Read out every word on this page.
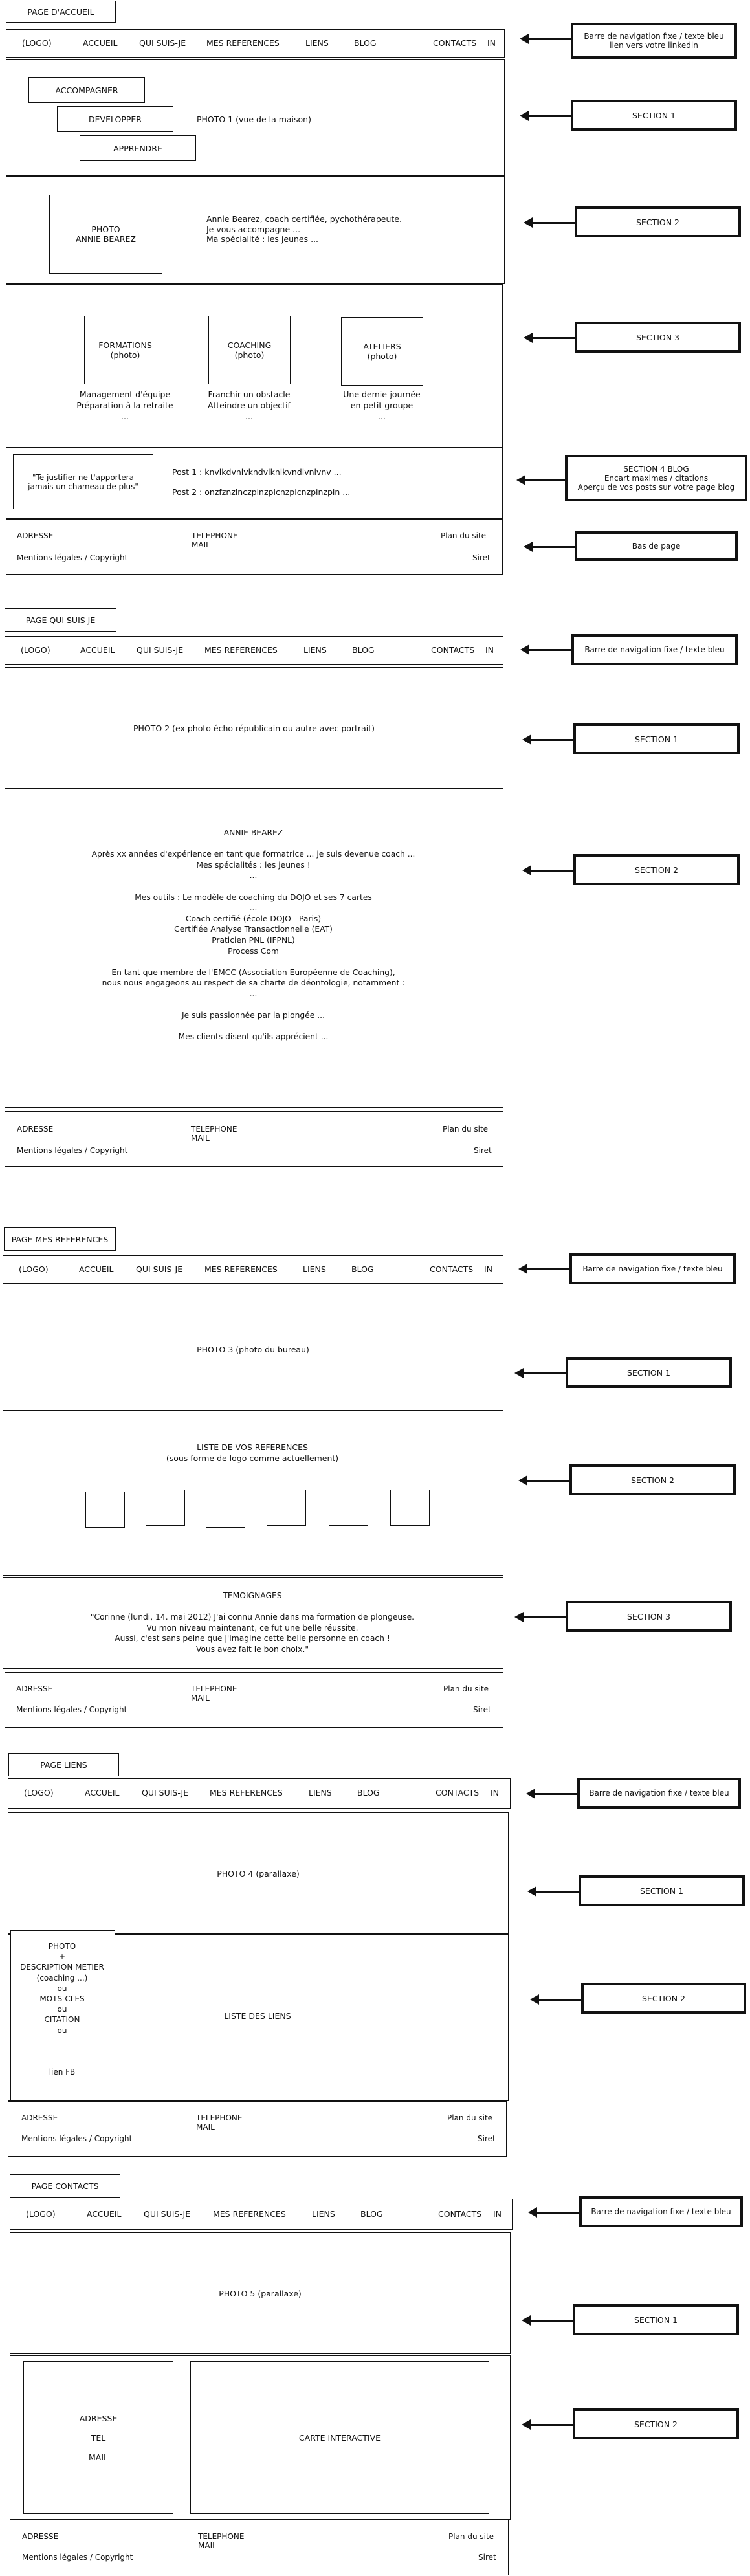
PAGE D'ACCUEIL
(LOGO)	ACCUEIL	QUI SUIS-JE	MES REFERENCES	LIENS	BLOG	CONTACTS IN
Barre de navigation fixe / texte bleu
lien vers votre linkedin
ACCOMPAGNER
DEVELOPPER
APPRENDRE
PHOTO 1 (vue de la maison)	SECTION 1
PHOTO
ANNIE BEAREZ
Annie Bearez, coach certifiée, pychothérapeute.
Je vous accompagne ...
Ma spécialité : les jeunes ...
SECTION 2
FORMATIONS
(photo)
Management d'équipe
Préparation à la retraite
...
COACHING
(photo)
Franchir un obstacle
Atteindre un objectif
...
ATELIERS
(photo)
Une demie-journée
en petit groupe
...
SECTION 3
"Te justifier ne t'apportera
jamais un chameau de plus"
Post 1 : knvlkdvnlvkndvlknlkvndlvnlvnv ...
Post 2 : onzfznzlnczpinzpicnzpicnzpinzpin ...
SECTION 4 BLOG
Encart maximes / citations
Aperçu de vos posts sur votre page blog
ADRESSE
Mentions légales / Copyright
TELEPHONE
MAIL
Plan du site
Siret
Bas de page
PAGE QUI SUIS JE
(LOGO)	ACCUEIL	QUI SUIS-JE	MES REFERENCES	LIENS	BLOG	CONTACTS IN	Barre de navigation fixe / texte bleu
PHOTO 2 (ex photo écho républicain ou autre avec portrait)
SECTION 1
ANNIE BEAREZ

Après xx années d'expérience en tant que formatrice ... je suis devenue coach ...
Mes spécialités : les jeunes !
...

Mes outils : Le modèle de coaching du DOJO et ses 7 cartes
...
Coach certifié (école DOJO - Paris)
Certifiée Analyse Transactionnelle (EAT)
Praticien PNL (IFPNL)
Process Com

En tant que membre de l'EMCC (Association Européenne de Coaching),
nous nous engageons au respect de sa charte de déontologie, notamment :
...

Je suis passionnée par la plongée ...

Mes clients disent qu'ils apprécient ...
SECTION 2
ADRESSE
Mentions légales / Copyright
TELEPHONE
MAIL
Plan du site
Siret
PAGE MES REFERENCES
(LOGO)	ACCUEIL	QUI SUIS-JE	MES REFERENCES	LIENS	BLOG	CONTACTS IN	Barre de navigation fixe / texte bleu
PHOTO 3 (photo du bureau)
SECTION 1
LISTE DE VOS REFERENCES
(sous forme de logo comme actuellement)
SECTION 2
TEMOIGNAGES

"Corinne (lundi, 14. mai 2012) J'ai connu Annie dans ma formation de plongeuse.
Vu mon niveau maintenant, ce fut une belle réussite.
Aussi, c'est sans peine que j'imagine cette belle personne en coach !
Vous avez fait le bon choix."
SECTION 3
ADRESSE
Mentions légales / Copyright
TELEPHONE
MAIL
Plan du site
Siret
PAGE LIENS
(LOGO)	ACCUEIL	QUI SUIS-JE	MES REFERENCES	LIENS	BLOG	CONTACTS IN	Barre de navigation fixe / texte bleu
PHOTO 4 (parallaxe)
SECTION 1
LISTE DES LIENS
PHOTO
+
DESCRIPTION METIER
(coaching ...)
ou
MOTS-CLES
ou
CITATION
ou

lien FB
SECTION 2
ADRESSE
Mentions légales / Copyright
TELEPHONE
MAIL
Plan du site
Siret
PAGE CONTACTS
(LOGO)	ACCUEIL	QUI SUIS-JE	MES REFERENCES	LIENS	BLOG	CONTACTS IN	Barre de navigation fixe / texte bleu
PHOTO 5 (parallaxe)
SECTION 1
ADRESSE

TEL

MAIL
CARTE INTERACTIVE
SECTION 2
ADRESSE
Mentions légales / Copyright
TELEPHONE
MAIL
Plan du site
Siret
